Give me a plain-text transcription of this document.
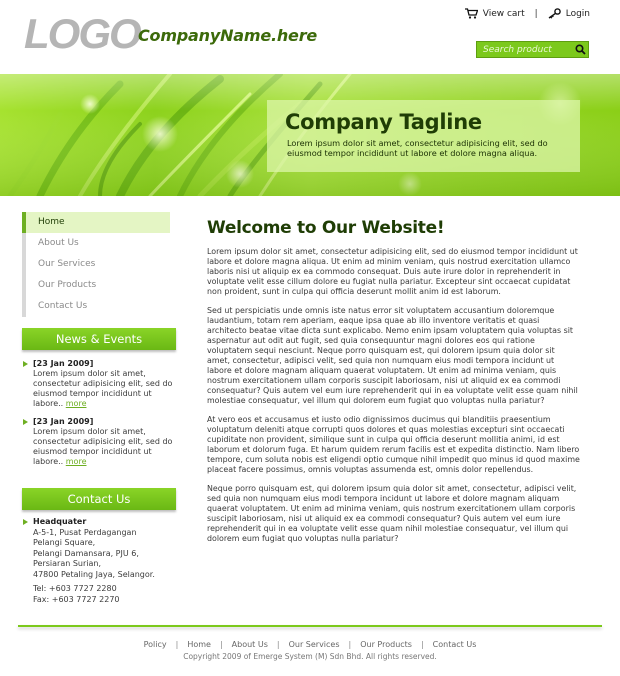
LOGO
CompanyName.here
View cart |	Login
Search product
Company Tagline

Lorem ipsum dolor sit amet, consectetur adipisicing elit, sed do eiusmod tempor incididunt ut labore et dolore magna aliqua.

Home
About Us
Our Services
Our Products
Contact Us
News & Events
[23 Jan 2009]
Lorem ipsum dolor sit amet, consectetur adipisicing elit, sed do eiusmod tempor incididunt ut labore.. more
[23 Jan 2009]
Lorem ipsum dolor sit amet, consectetur adipisicing elit, sed do eiusmod tempor incididunt ut labore.. more
Contact Us
Headquater
A-5-1, Pusat Perdagangan
Pelangi Square,
Pelangi Damansara, PJU 6,
Persiaran Surian,
47800 Petaling Jaya, Selangor.
Tel: +603 7727 2280
Fax: +603 7727 2270
Welcome to Our Website!

Lorem ipsum dolor sit amet, consectetur adipisicing elit, sed do eiusmod tempor incididunt ut labore et dolore magna aliqua. Ut enim ad minim veniam, quis nostrud exercitation ullamco laboris nisi ut aliquip ex ea commodo consequat. Duis aute irure dolor in reprehenderit in voluptate velit esse cillum dolore eu fugiat nulla pariatur. Excepteur sint occaecat cupidatat non proident, sunt in culpa qui officia deserunt mollit anim id est laborum.

Sed ut perspiciatis unde omnis iste natus error sit voluptatem accusantium doloremque laudantium, totam rem aperiam, eaque ipsa quae ab illo inventore veritatis et quasi architecto beatae vitae dicta sunt explicabo. Nemo enim ipsam voluptatem quia voluptas sit aspernatur aut odit aut fugit, sed quia consequuntur magni dolores eos qui ratione voluptatem sequi nesciunt. Neque porro quisquam est, qui dolorem ipsum quia dolor sit amet, consectetur, adipisci velit, sed quia non numquam eius modi tempora incidunt ut labore et dolore magnam aliquam quaerat voluptatem. Ut enim ad minima veniam, quis nostrum exercitationem ullam corporis suscipit laboriosam, nisi ut aliquid ex ea commodi consequatur? Quis autem vel eum iure reprehenderit qui in ea voluptate velit esse quam nihil molestiae consequatur, vel illum qui dolorem eum fugiat quo voluptas nulla pariatur?

At vero eos et accusamus et iusto odio dignissimos ducimus qui blanditiis praesentium voluptatum deleniti atque corrupti quos dolores et quas molestias excepturi sint occaecati cupiditate non provident, similique sunt in culpa qui officia deserunt mollitia animi, id est laborum et dolorum fuga. Et harum quidem rerum facilis est et expedita distinctio. Nam libero tempore, cum soluta nobis est eligendi optio cumque nihil impedit quo minus id quod maxime placeat facere possimus, omnis voluptas assumenda est, omnis dolor repellendus.

Neque porro quisquam est, qui dolorem ipsum quia dolor sit amet, consectetur, adipisci velit, sed quia non numquam eius modi tempora incidunt ut labore et dolore magnam aliquam quaerat voluptatem. Ut enim ad minima veniam, quis nostrum exercitationem ullam corporis suscipit laboriosam, nisi ut aliquid ex ea commodi consequatur? Quis autem vel eum iure reprehenderit qui in ea voluptate velit esse quam nihil molestiae consequatur, vel illum qui dolorem eum fugiat quo voluptas nulla pariatur?

Policy | Home | About Us | Our Services | Our Products | Contact Us
Copyright 2009 of Emerge System (M) Sdn Bhd. All rights reserved.
